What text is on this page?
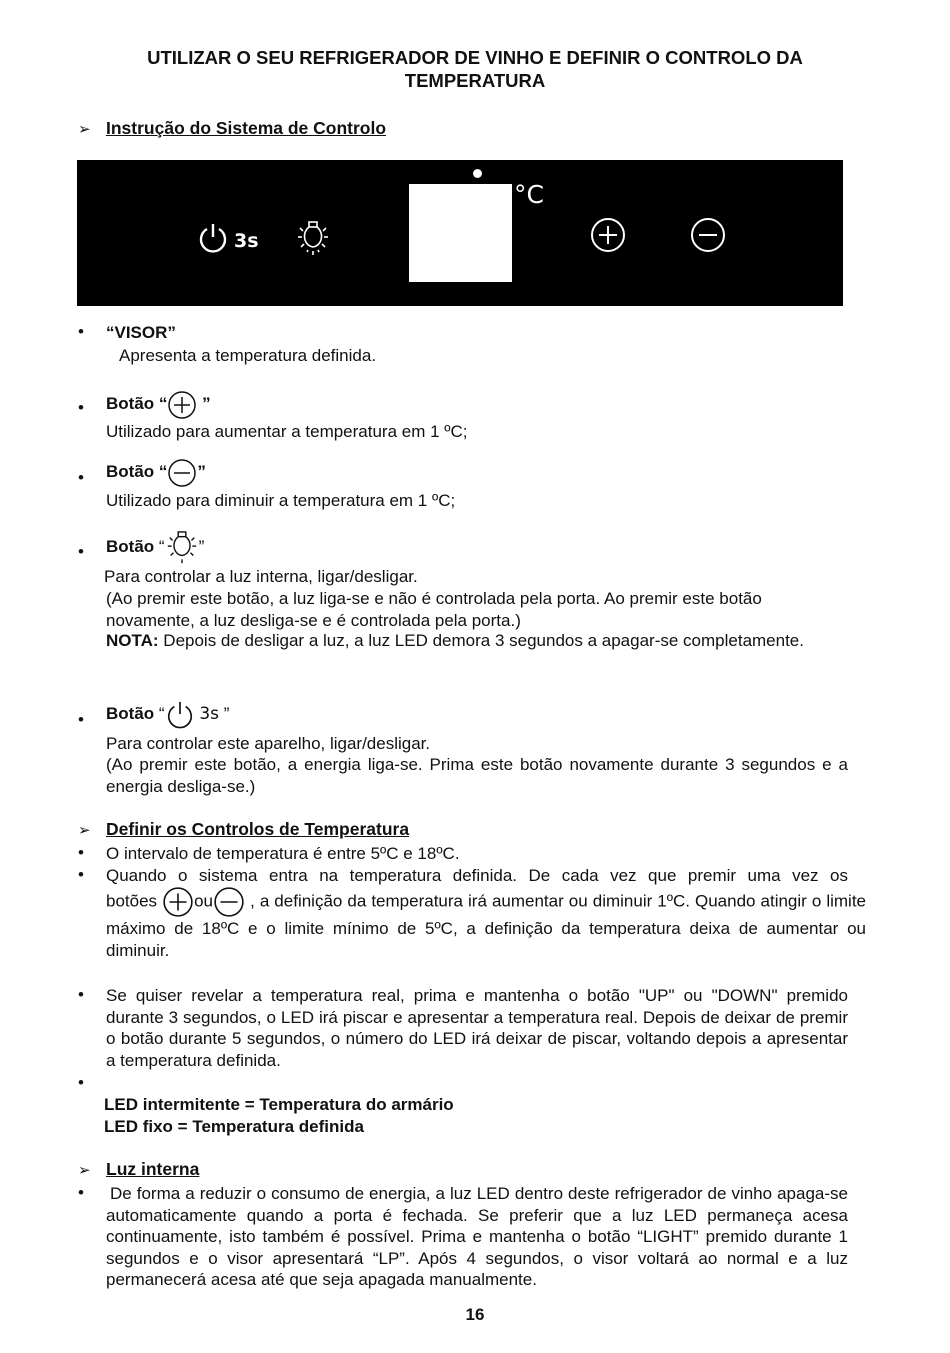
UTILIZAR O SEU REFRIGERADOR DE VINHO E DEFINIR O CONTROLO DA
TEMPERATURA
➢ Instrução do Sistema de Controlo
3s
°C
• “VISOR”
Apresenta a temperatura definida.
• Botão “ ”
Utilizado para aumentar a temperatura em 1 ºC;
• Botão “ ”
Utilizado para diminuir a temperatura em 1 ºC;
• Botão “ ”
Para controlar a luz interna, ligar/desligar.

(Ao premir este botão, a luz liga-se e não é controlada pela porta. Ao premir este botão novamente, a luz desliga-se e é controlada pela porta.)

NOTA: Depois de desligar a luz, a luz LED demora 3 segundos a apagar-se completamente.

• Botão “ 3s ”
Para controlar este aparelho, ligar/desligar.

(Ao premir este botão, a energia liga-se. Prima este botão novamente durante 3 segundos e a energia desliga-se.)

➢ Definir os Controlos de Temperatura
• O intervalo de temperatura é entre 5ºC e 18ºC.
• Quando o sistema entra na temperatura definida. De cada vez que premir uma vez os

botões ou , a definição da temperatura irá aumentar ou diminuir 1ºC. Quando atingir o limite máximo de 18ºC e o limite mínimo de 5ºC, a definição da temperatura deixa de aumentar ou diminuir.

• Se quiser revelar a temperatura real, prima e mantenha o botão "UP" ou "DOWN" premido durante 3 segundos, o LED irá piscar e apresentar a temperatura real. Depois de deixar de premir o botão durante 5 segundos, o número do LED irá deixar de piscar, voltando depois a apresentar a temperatura definida.

•
LED intermitente = Temperatura do armário
LED fixo = Temperatura definida
➢ Luz interna
• De forma a reduzir o consumo de energia, a luz LED dentro deste refrigerador de vinho apaga-se automaticamente quando a porta é fechada. Se preferir que a luz LED permaneça acesa continuamente, isto também é possível. Prima e mantenha o botão “LIGHT” premido durante 1 segundos e o visor apresentará “LP”. Após 4 segundos, o visor voltará ao normal e a luz permanecerá acesa até que seja apagada manualmente.

16
